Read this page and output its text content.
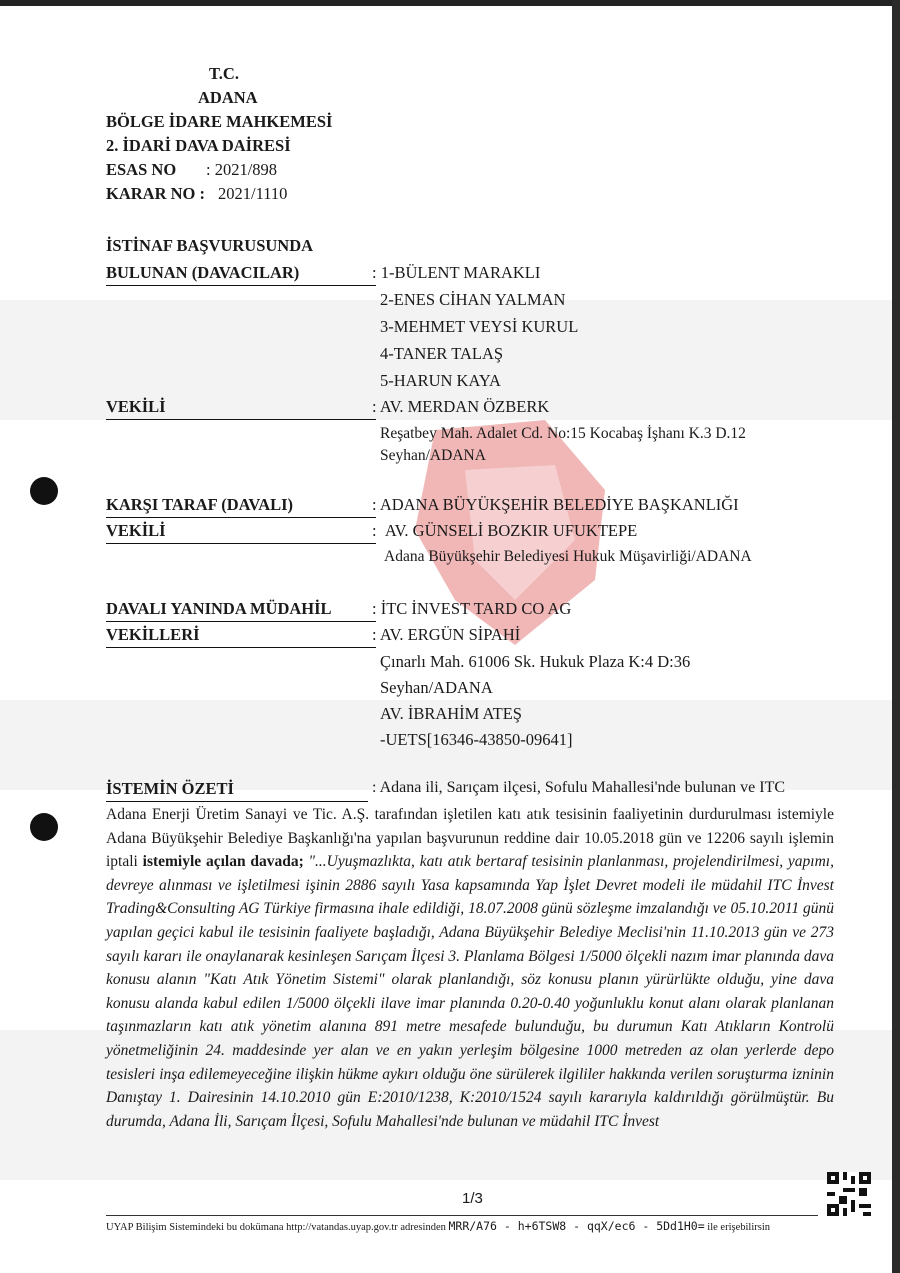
T.C.
ADANA
BÖLGE İDARE MAHKEMESİ
2. İDARİ DAVA DAİRESİ
ESAS NO : 2021/898
KARAR NO : 2021/1110
İSTİNAF BAŞVURUSUNDA
BULUNAN (DAVACILAR)	: 1-BÜLENT MARAKLI
2-ENES CİHAN YALMAN
3-MEHMET VEYSİ KURUL
4-TANER TALAŞ
5-HARUN KAYA
VEKİLİ	: AV. MERDAN ÖZBERK
Reşatbey Mah. Adalet Cd. No:15 Kocabaş İşhanı K.3 D.12
Seyhan/ADANA
KARŞI TARAF (DAVALI)	: ADANA BÜYÜKŞEHİR BELEDİYE BAŞKANLIĞI
VEKİLİ	:  AV. GÜNSELİ BOZKIR UFUKTEPE
Adana Büyükşehir Belediyesi Hukuk Müşavirliği/ADANA
DAVALI YANINDA MÜDAHİL : İTC İNVEST TARD CO AG
VEKİLLERİ	: AV. ERGÜN SİPAHİ
Çınarlı Mah. 61006 Sk. Hukuk Plaza K:4 D:36
Seyhan/ADANA
AV. İBRAHİM ATEŞ
-UETS[16346-43850-09641]
İSTEMİN ÖZETİ	: Adana ili, Sarıçam ilçesi, Sofulu Mahallesi'nde bulunan ve ITC
Adana Enerji Üretim Sanayi ve Tic. A.Ş. tarafından işletilen katı atık tesisinin faaliyetinin durdurulması istemiyle Adana Büyükşehir Belediye Başkanlığı'na yapılan başvurunun reddine dair 10.05.2018 gün ve 12206 sayılı işlemin iptali istemiyle açılan davada; "...Uyuşmazlıkta, katı atık bertaraf tesisinin planlanması, projelendirilmesi, yapımı, devreye alınması ve işletilmesi işinin 2886 sayılı Yasa kapsamında Yap İşlet Devret modeli ile müdahil ITC İnvest Trading&Consulting AG Türkiye firmasına ihale edildiği, 18.07.2008 günü sözleşme imzalandığı ve 05.10.2011 günü yapılan geçici kabul ile tesisinin faaliyete başladığı, Adana Büyükşehir Belediye Meclisi'nin 11.10.2013 gün ve 273 sayılı kararı ile onaylanarak kesinleşen Sarıçam İlçesi 3. Planlama Bölgesi 1/5000 ölçekli nazım imar planında dava konusu alanın "Katı Atık Yönetim Sistemi" olarak planlandığı, söz konusu planın yürürlükte olduğu, yine dava konusu alanda kabul edilen 1/5000 ölçekli ilave imar planında 0.20-0.40 yoğunluklu konut alanı olarak planlanan taşınmazların katı atık yönetim alanına 891 metre mesafede bulunduğu, bu durumun Katı Atıkların Kontrolü yönetmeliğinin 24. maddesinde yer alan ve en yakın yerleşim bölgesine 1000 metreden az olan yerlerde depo tesisleri inşa edilemeyeceğine ilişkin hükme aykırı olduğu öne sürülerek ilgililer hakkında verilen soruşturma izninin Danıştay 1. Dairesinin 14.10.2010 gün E:2010/1238, K:2010/1524 sayılı kararıyla kaldırıldığı görülmüştür. Bu durumda, Adana İli, Sarıçam İlçesi, Sofulu Mahallesi'nde bulunan ve müdahil ITC İnvest
1/3
UYAP Bilişim Sistemindeki bu dokümana http://vatandas.uyap.gov.tr adresinden MRR/A76 - h+6TSW8 - qqX/ec6 - 5Dd1H0= ile erişebilirsin
